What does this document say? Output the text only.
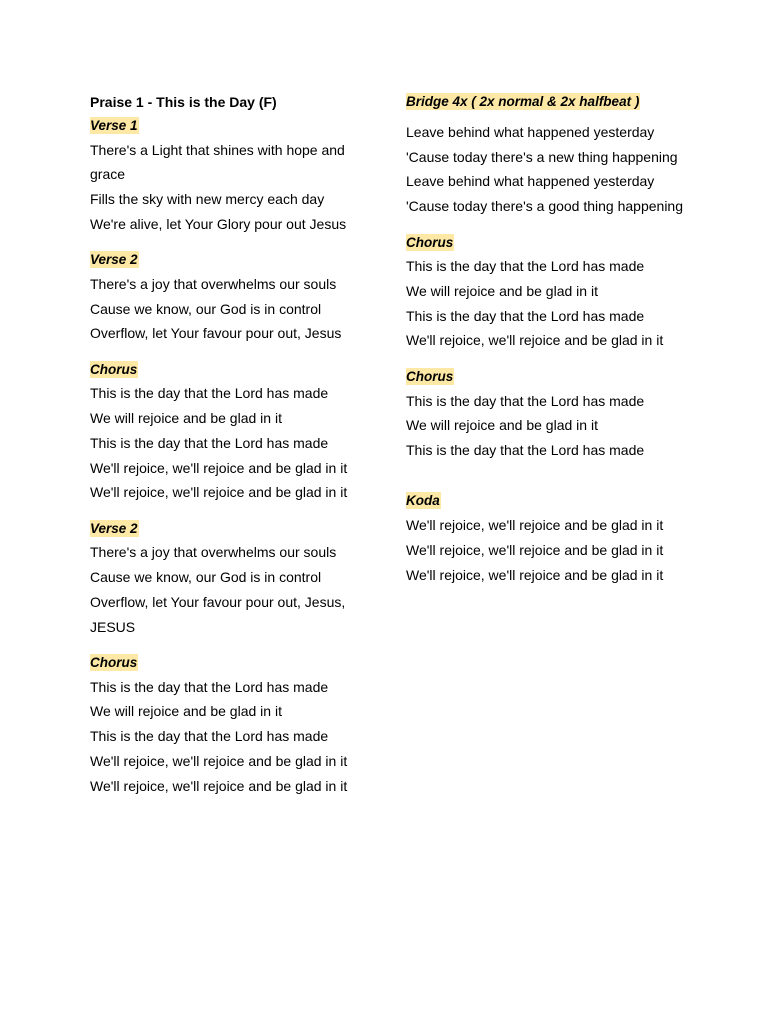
Praise 1 - This is the Day (F)

Verse 1
There's a Light that shines with hope and grace
Fills the sky with new mercy each day
We're alive, let Your Glory pour out Jesus
Verse 2
There's a joy that overwhelms our souls
Cause we know, our God is in control
Overflow, let Your favour pour out, Jesus
Chorus
This is the day that the Lord has made
We will rejoice and be glad in it
This is the day that the Lord has made
We'll rejoice, we'll rejoice and be glad in it
We'll rejoice, we'll rejoice and be glad in it
Verse 2
There's a joy that overwhelms our souls
Cause we know, our God is in control
Overflow, let Your favour pour out, Jesus, JESUS
Chorus
This is the day that the Lord has made
We will rejoice and be glad in it
This is the day that the Lord has made
We'll rejoice, we'll rejoice and be glad in it
We'll rejoice, we'll rejoice and be glad in it
Bridge 4x ( 2x normal & 2x halfbeat )
Leave behind what happened yesterday
'Cause today there's a new thing happening
Leave behind what happened yesterday
'Cause today there's a good thing happening
Chorus
This is the day that the Lord has made
We will rejoice and be glad in it
This is the day that the Lord has made
We'll rejoice, we'll rejoice and be glad in it
Chorus
This is the day that the Lord has made
We will rejoice and be glad in it
This is the day that the Lord has made
Koda
We'll rejoice, we'll rejoice and be glad in it
We'll rejoice, we'll rejoice and be glad in it
We'll rejoice, we'll rejoice and be glad in it
